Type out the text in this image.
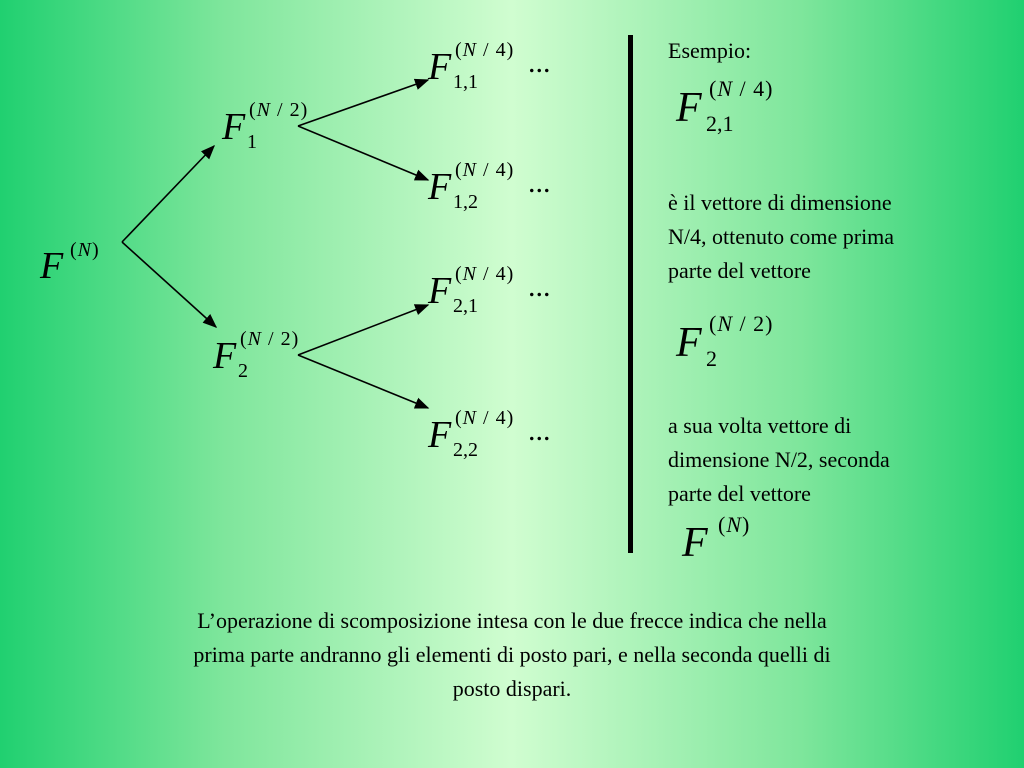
F (N)
F (N / 2)
1
F (N / 2)
2
F (N / 4)
1,1
...
F (N / 4)
1,2
...
F (N / 4)
2,1
...
F (N / 4)
2,2
...

Esempio:

F (N / 4)
2,1
è il vettore di dimensione
N/4, ottenuto come prima
parte del vettore
F (N / 2)
2
a sua volta vettore di
dimensione N/2, seconda
parte del vettore
F (N)
L’operazione di scomposizione intesa con le due frecce indica che nella
prima parte andranno gli elementi di posto pari, e nella seconda quelli di
posto dispari.
